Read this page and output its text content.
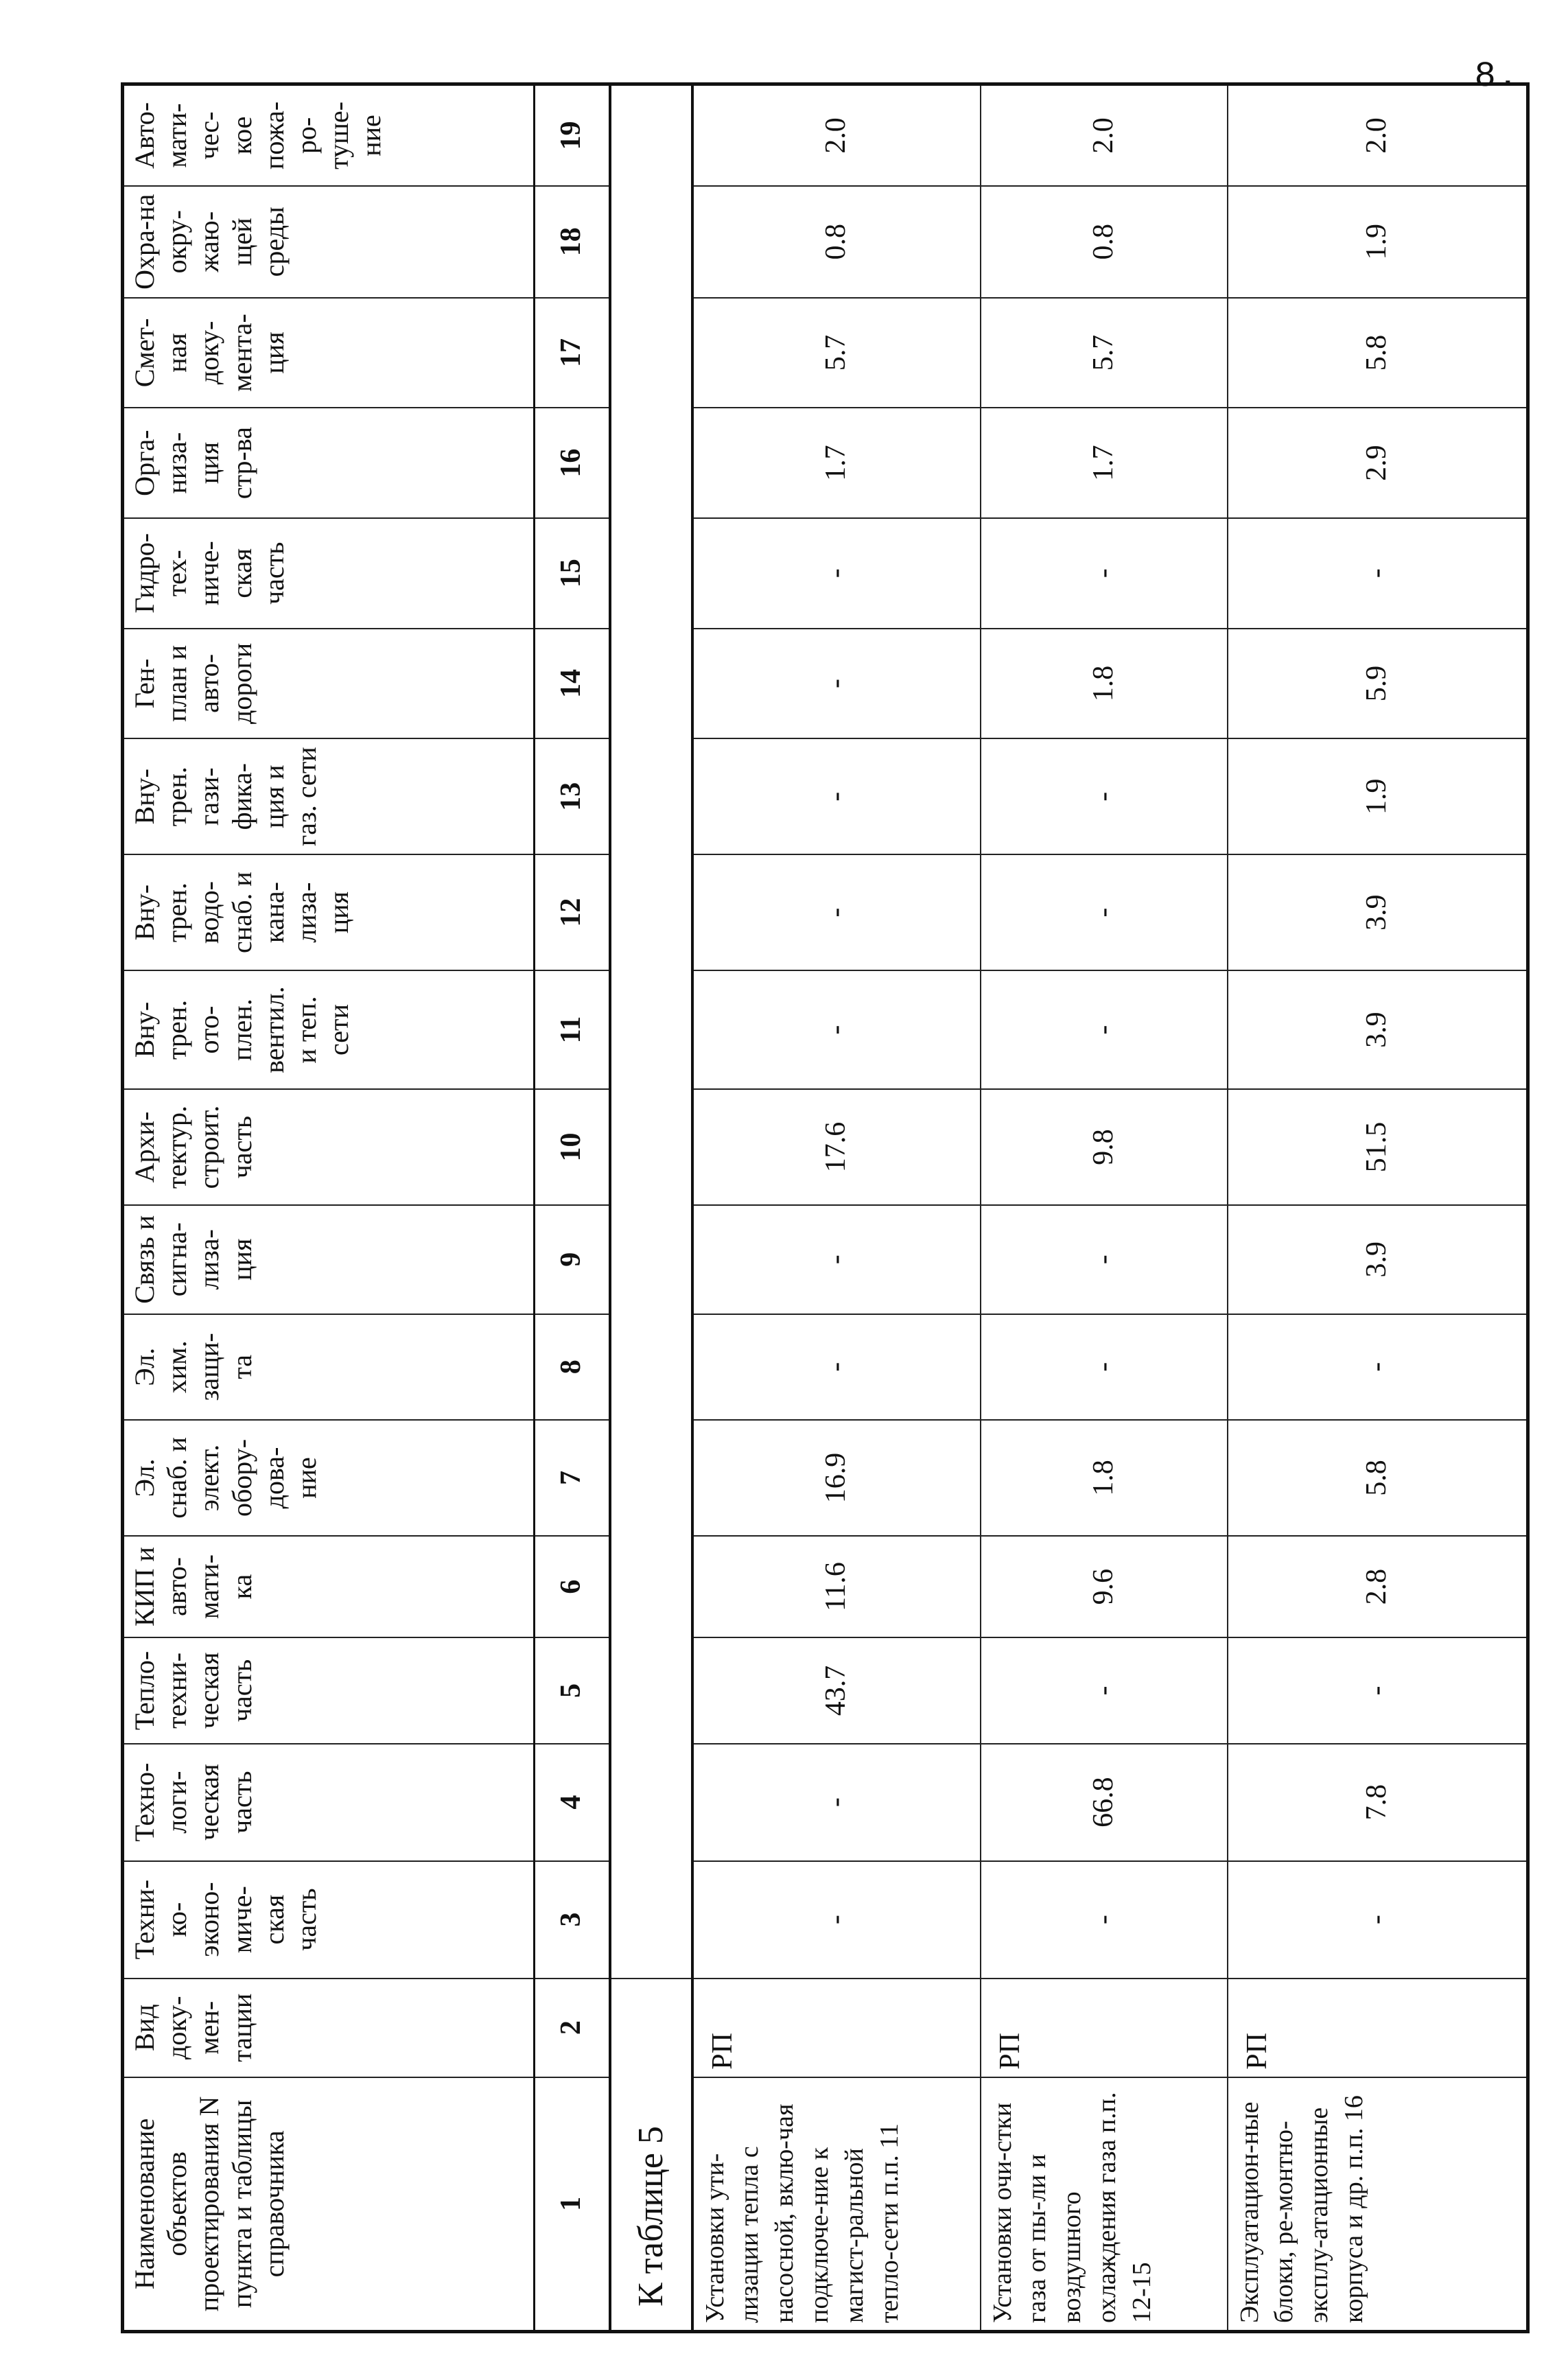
8.
Наименование объектов проектирования N пункта и таблицы справочника	Вид доку-мен-тации	Техни-ко-эконо-миче-ская часть	Техно-логи-ческая часть	Тепло-техни-ческая часть	КИП и авто-мати-ка	Эл. снаб. и элект. обору-дова-ние	Эл. хим. защи-та	Связь и сигна-лиза-ция	Архи-тектур. строит. часть	Вну-трен. ото-плен. вентил. и теп. сети	Вну-трен. водо-снаб. и кана-лиза-ция	Вну-трен. гази-фика-ция и газ. сети	Ген-план и авто-дороги	Гидро-тех-ниче-ская часть	Орга-низа-ция стр-ва	Смет-ная доку-мента-ция	Охра-на окру-жаю-щей среды	Авто-мати-чес-кое пожа-ро-туше-ние
1	2	3	4	5	6	7	8	9	10	11	12	13	14	15	16	17	18	19
К таблице 5																		
Установки ути-лизации тепла с насосной, вклю-чая подключе-ние к магист-ральной тепло-сети п.п. 11	РП	-	-	43.7	11.6	16.9	-	-	17.6	-	-	-	-	-	1.7	5.7	0.8	2.0
Установки очи-стки газа от пы-ли и воздушного охлаждения газа п.п. 12-15	РП	-	66.8	-	9.6	1.8	-	-	9.8	-	-	-	1.8	-	1.7	5.7	0.8	2.0
Эксплуатацион-ные блоки, ре-монтно-эксплу-атационные корпуса и др. п.п. 16	РП	-	7.8	-	2.8	5.8	-	3.9	51.5	3.9	3.9	1.9	5.9	-	2.9	5.8	1.9	2.0
